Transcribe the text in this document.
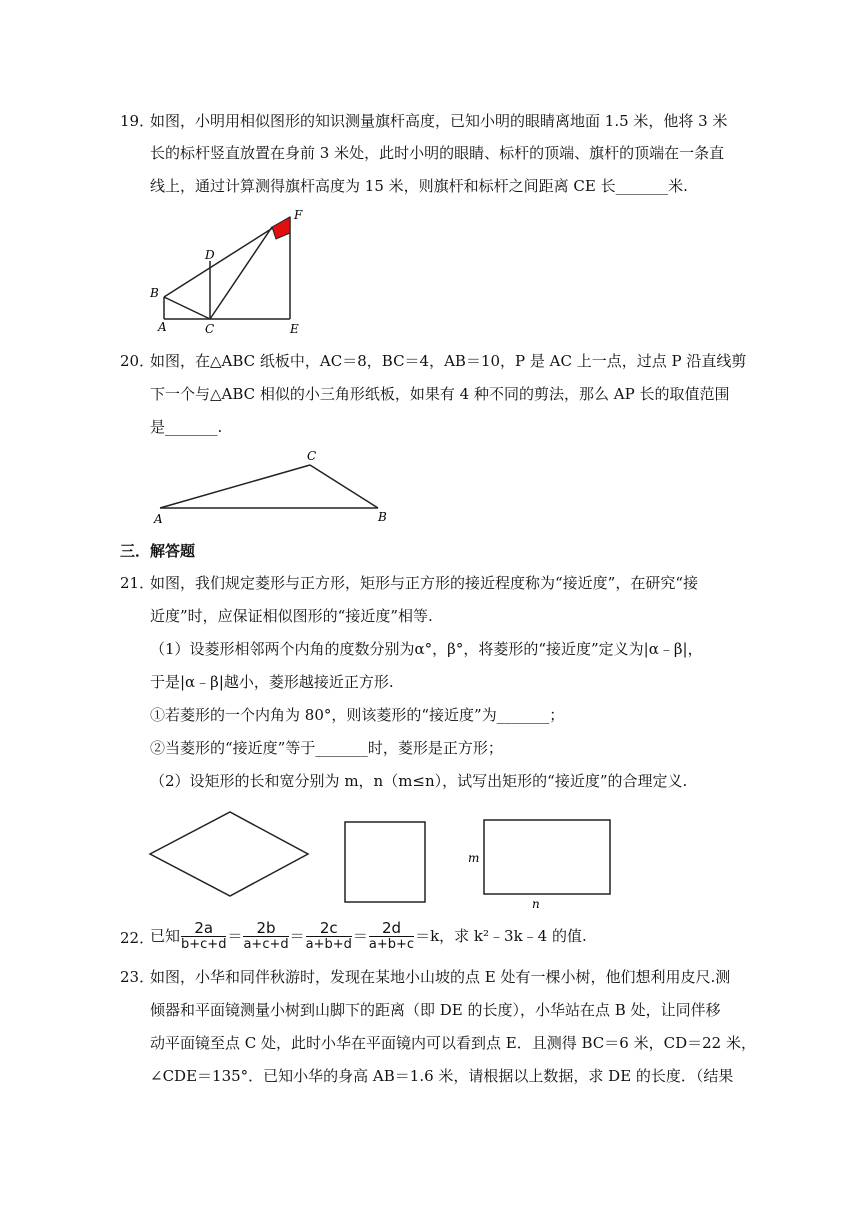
19．
如图，小明用相似图形的知识测量旗杆高度，已知小明的眼睛离地面 1.5 米，他将 3 米
长的标杆竖直放置在身前 3 米处，此时小明的眼睛、标杆的顶端、旗杆的顶端在一条直
线上，通过计算测得旗杆高度为 15 米，则旗杆和标杆之间距离 CE 长_______米.
B
A	C
D
E
F
20．
如图，在△ABC 纸板中，AC＝8，BC＝4，AB＝10，P 是 AC 上一点，过点 P 沿直线剪
下一个与△ABC 相似的小三角形纸板，如果有 4 种不同的剪法，那么 AP 长的取值范围
是_______.
A
C
B
三．解答题
21．
如图，我们规定菱形与正方形，矩形与正方形的接近程度称为“接近度”，在研究“接
近度”时，应保证相似图形的“接近度”相等.
（1）设菱形相邻两个内角的度数分别为α°，β°，将菱形的“接近度”定义为|α﹣β|，
于是|α﹣β|越小，菱形越接近正方形.
①若菱形的一个内角为 80°，则该菱形的“接近度”为_______；
②当菱形的“接近度”等于_______时，菱形是正方形；
（2）设矩形的长和宽分别为 m，n（m≤n），试写出矩形的“接近度”的合理定义.
m
n
22．
已知 $\frac{2a}{b+c+d} = \frac{2b}{a+c+d} = \frac{2c}{a+b+d} = \frac{2d}{a+b+c} =k$，求 k²﹣3k﹣4 的值.
23．
如图，小华和同伴秋游时，发现在某地小山坡的点 E 处有一棵小树，他们想利用皮尺.测
倾器和平面镜测量小树到山脚下的距离（即 DE 的长度），小华站在点 B 处，让同伴移
动平面镜至点 C 处，此时小华在平面镜内可以看到点 E．且测得 BC＝6 米，CD＝22 米，
∠CDE＝135°．已知小华的身高 AB＝1.6 米，请根据以上数据，求 DE 的长度．（结果
